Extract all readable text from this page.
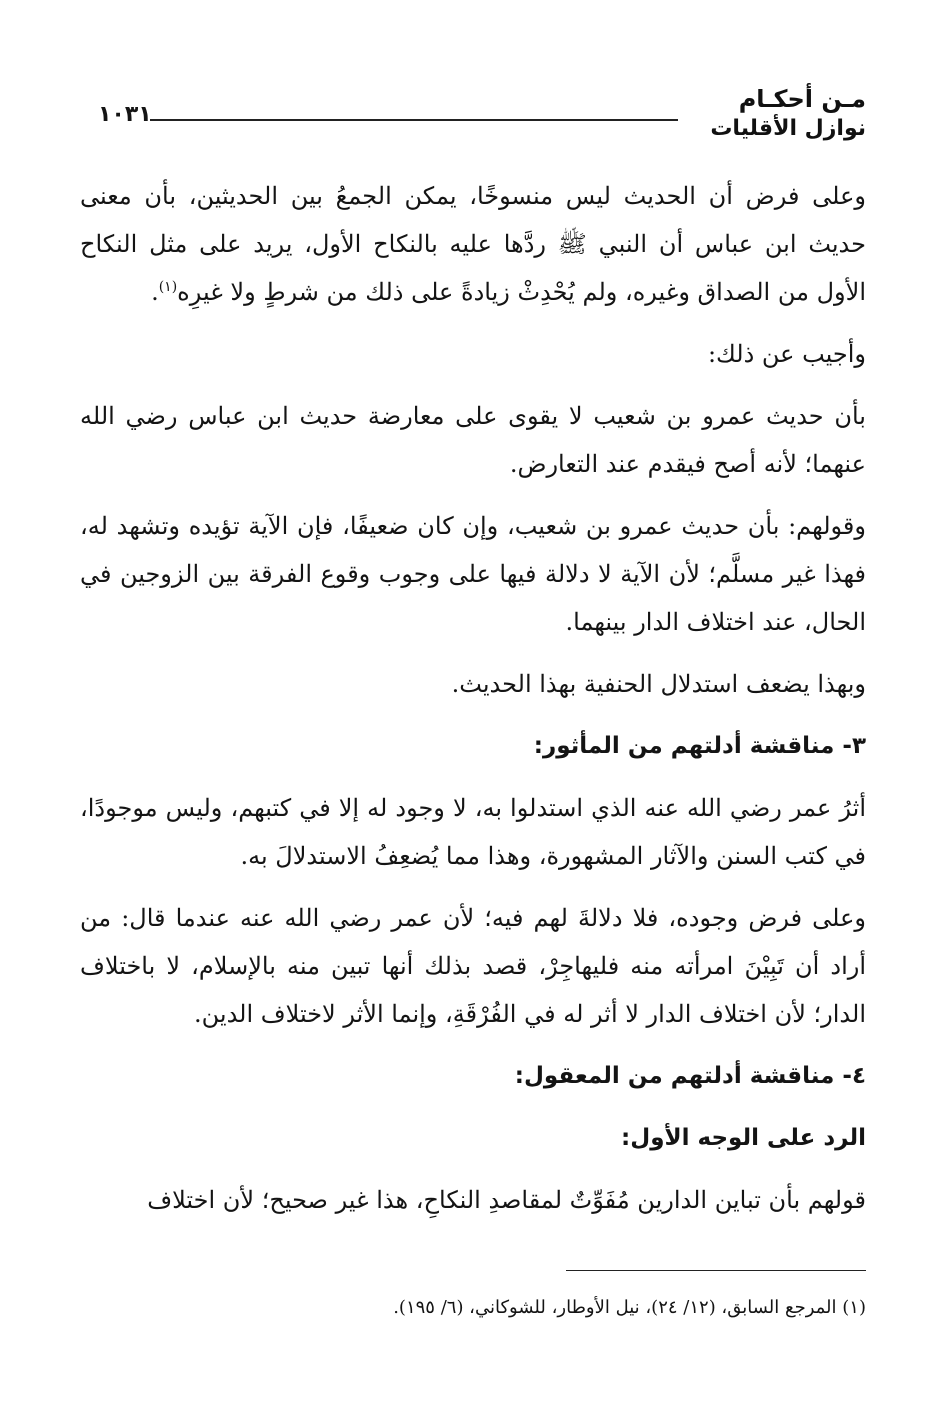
مـن أحكـام
نوازل الأقليات
١٠٣١

وعلى فرض أن الحديث ليس منسوخًا، يمكن الجمعُ بين الحديثين، بأن معنى حديث ابن عباس أن النبي ﷺ ردَّها عليه بالنكاح الأول، يريد على مثل النكاح الأول من الصداق وغيره، ولم يُحْدِثْ زيادةً على ذلك من شرطٍ ولا غيرِه$^{(١)}$.

وأجيب عن ذلك:

بأن حديث عمرو بن شعيب لا يقوى على معارضة حديث ابن عباس رضي الله عنهما؛ لأنه أصح فيقدم عند التعارض.

وقولهم: بأن حديث عمرو بن شعيب، وإن كان ضعيفًا، فإن الآية تؤيده وتشهد له، فهذا غير مسلَّم؛ لأن الآية لا دلالة فيها على وجوب وقوع الفرقة بين الزوجين في الحال، عند اختلاف الدار بينهما.

وبهذا يضعف استدلال الحنفية بهذا الحديث.

٣- مناقشة أدلتهم من المأثور:

أثرُ عمر رضي الله عنه الذي استدلوا به، لا وجود له إلا في كتبهم، وليس موجودًا، في كتب السنن والآثار المشهورة، وهذا مما يُضعِفُ الاستدلالَ به.

وعلى فرض وجوده، فلا دلالةَ لهم فيه؛ لأن عمر رضي الله عنه عندما قال: من أراد أن تَبِيْنَ امرأته منه فليهاجِرْ، قصد بذلك أنها تبين منه بالإسلام، لا باختلاف الدار؛ لأن اختلاف الدار لا أثر له في الفُرْقَةِ، وإنما الأثر لاختلاف الدين.

٤- مناقشة أدلتهم من المعقول:

الرد على الوجه الأول:

قولهم بأن تباين الدارين مُفَوِّتٌ لمقاصدِ النكاحِ، هذا غير صحيح؛ لأن اختلاف

(١) المرجع السابق، (١٢/ ٢٤)، نيل الأوطار، للشوكاني، (٦/ ١٩٥).
